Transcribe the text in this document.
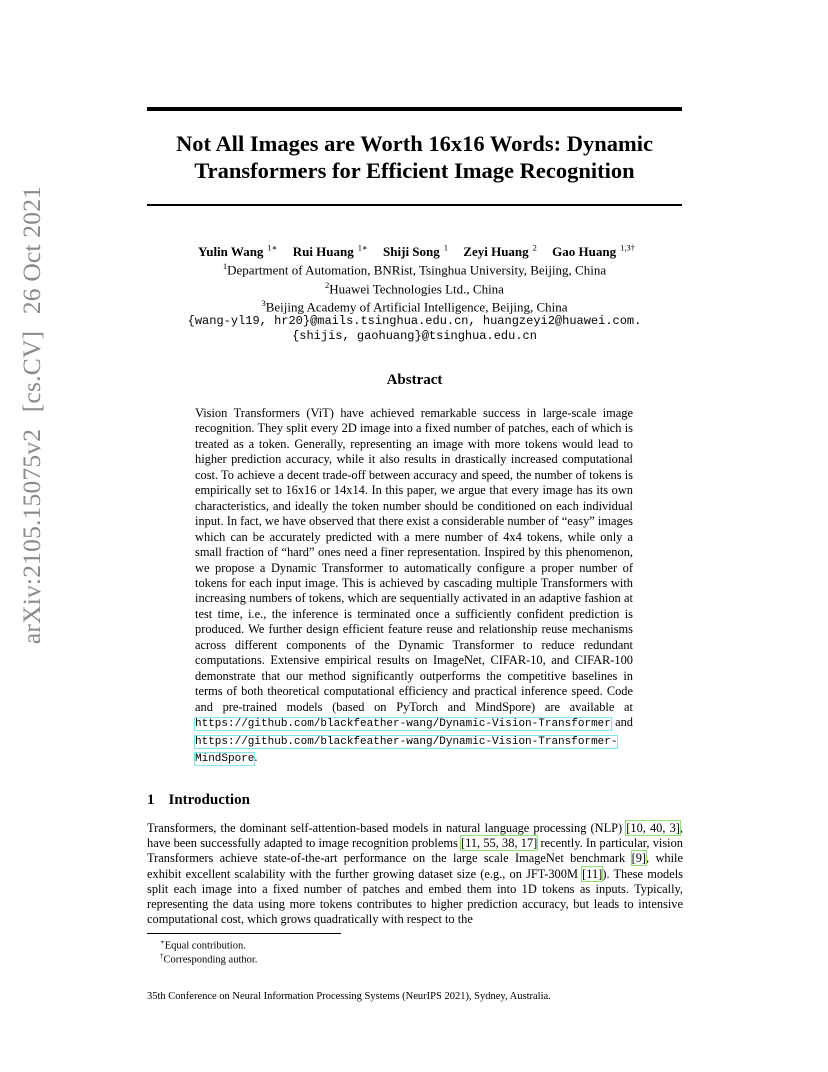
Not All Images are Worth 16x16 Words: Dynamic Transformers for Efficient Image Recognition
arXiv:2105.15075v2 [cs.CV] 26 Oct 2021	Yulin Wang $^{1∗}$ Rui Huang $^{1∗}$ Shiji Song $^1$ Zeyi Huang $^2$ Gao Huang $^{1,3\dagger}$
$^1$Department of Automation, BNRist, Tsinghua University, Beijing, China
$^2$Huawei Technologies Ltd., China
$^3$Beijing Academy of Artificial Intelligence, Beijing, China
{wang-yl19, hr20}@mails.tsinghua.edu.cn, huangzeyi2@huawei.com.
{shijis, gaohuang}@tsinghua.edu.cn
Abstract
Vision Transformers (ViT) have achieved remarkable success in large-scale image recognition. They split every 2D image into a fixed number of patches, each of which is treated as a token. Generally, representing an image with more tokens would lead to higher prediction accuracy, while it also results in drastically increased computational cost. To achieve a decent trade-off between accuracy and speed, the number of tokens is empirically set to 16x16 or 14x14. In this paper, we argue that every image has its own characteristics, and ideally the token number should be conditioned on each individual input. In fact, we have observed that there exist a considerable number of “easy” images which can be accurately predicted with a mere number of 4x4 tokens, while only a small fraction of “hard” ones need a finer representation. Inspired by this phenomenon, we propose a Dynamic Transformer to automatically configure a proper number of tokens for each input image. This is achieved by cascading multiple Transformers with increasing numbers of tokens, which are sequentially activated in an adaptive fashion at test time, i.e., the inference is terminated once a sufficiently confident prediction is produced. We further design efficient feature reuse and relationship reuse mechanisms across different components of the Dynamic Transformer to reduce redundant computations. Extensive empirical results on ImageNet, CIFAR-10, and CIFAR-100 demonstrate that our method significantly outperforms the competitive baselines in terms of both theoretical computational efficiency and practical inference speed. Code and pre-trained models (based on PyTorch and MindSpore) are available at https://github.com/blackfeather-wang/Dynamic-Vision-Transformer and https://github.com/blackfeather-wang/Dynamic-Vision-Transformer-MindSpore.
1 Introduction
Transformers, the dominant self-attention-based models in natural language processing (NLP) [10, 40, 3], have been successfully adapted to image recognition problems [11, 55, 38, 17] recently. In particular, vision Transformers achieve state-of-the-art performance on the large scale ImageNet benchmark [9], while exhibit excellent scalability with the further growing dataset size (e.g., on JFT-300M [11]). These models split each image into a fixed number of patches and embed them into 1D tokens as inputs. Typically, representing the data using more tokens contributes to higher prediction accuracy, but leads to intensive computational cost, which grows quadratically with respect to the
∗Equal contribution.
†Corresponding author.
35th Conference on Neural Information Processing Systems (NeurIPS 2021), Sydney, Australia.
